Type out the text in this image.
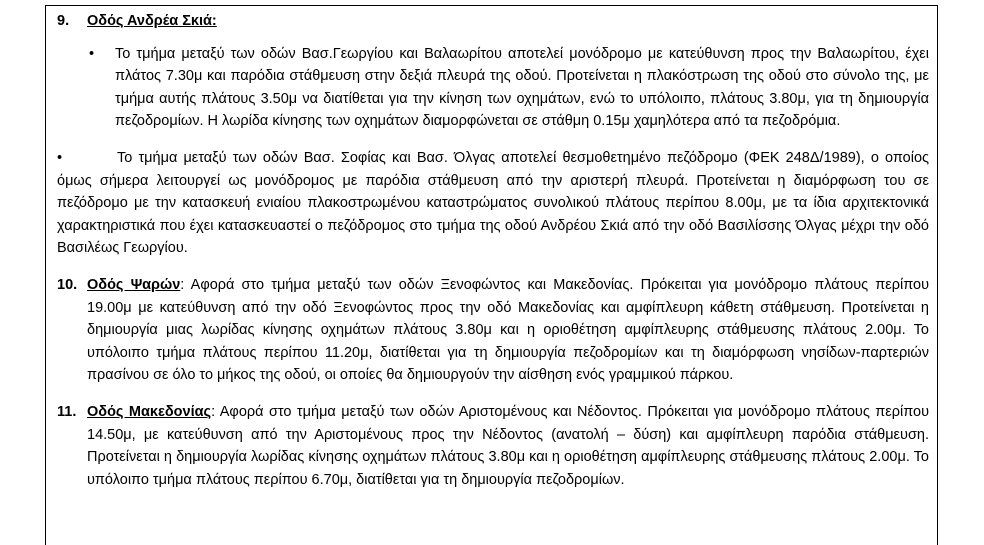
9. Οδός Ανδρέα Σκιά:
• Το τμήμα μεταξύ των οδών Βασ.Γεωργίου και Βαλαωρίτου αποτελεί μονόδρομο με κατεύθυνση προς την Βαλαωρίτου, έχει πλάτος 7.30μ και παρόδια στάθμευση στην δεξιά πλευρά της οδού. Προτείνεται η πλακόστρωση της οδού στο σύνολο της, με τμήμα αυτής πλάτους 3.50μ να διατίθεται για την κίνηση των οχημάτων, ενώ το υπόλοιπο, πλάτους 3.80μ, για τη δημιουργία πεζοδρομίων. Η λωρίδα κίνησης των οχημάτων διαμορφώνεται σε στάθμη 0.15μ χαμηλότερα από τα πεζοδρόμια.

•	Το τμήμα μεταξύ των οδών Βασ. Σοφίας και Βασ. Όλγας αποτελεί θεσμοθετημένο πεζόδρομο (ΦΕΚ 248Δ/1989), ο οποίος όμως σήμερα λειτουργεί ως μονόδρομος με παρόδια στάθμευση από την αριστερή πλευρά. Προτείνεται η διαμόρφωση του σε πεζόδρομο με την κατασκευή ενιαίου πλακοστρωμένου καταστρώματος συνολικού πλάτους περίπου 8.00μ, με τα ίδια αρχιτεκτονικά χαρακτηριστικά που έχει κατασκευαστεί ο πεζόδρομος στο τμήμα της οδού Ανδρέου Σκιά από την οδό Βασιλίσσης Όλγας μέχρι την οδό Βασιλέως Γεωργίου.

10. Οδός Ψαρών: Αφορά στο τμήμα μεταξύ των οδών Ξενοφώντος και Μακεδονίας. Πρόκειται για μονόδρομο πλάτους περίπου 19.00μ με κατεύθυνση από την οδό Ξενοφώντος προς την οδό Μακεδονίας και αμφίπλευρη κάθετη στάθμευση. Προτείνεται η δημιουργία μιας λωρίδας κίνησης οχημάτων πλάτους 3.80μ και η οριοθέτηση αμφίπλευρης στάθμευσης πλάτους 2.00μ. Το υπόλοιπο τμήμα πλάτους περίπου 11.20μ, διατίθεται για τη δημιουργία πεζοδρομίων και τη διαμόρφωση νησίδων-παρτεριών πρασίνου σε όλο το μήκος της οδού, οι οποίες θα δημιουργούν την αίσθηση ενός γραμμικού πάρκου.

11. Οδός Μακεδονίας: Αφορά στο τμήμα μεταξύ των οδών Αριστομένους και Νέδοντος. Πρόκειται για μονόδρομο πλάτους περίπου 14.50μ, με κατεύθυνση από την Αριστομένους προς την Νέδοντος (ανατολή – δύση) και αμφίπλευρη παρόδια στάθμευση. Προτείνεται η δημιουργία λωρίδας κίνησης οχημάτων πλάτους 3.80μ και η οριοθέτηση αμφίπλευρης στάθμευσης πλάτους 2.00μ. Το υπόλοιπο τμήμα πλάτους περίπου 6.70μ, διατίθεται για τη δημιουργία πεζοδρομίων.
